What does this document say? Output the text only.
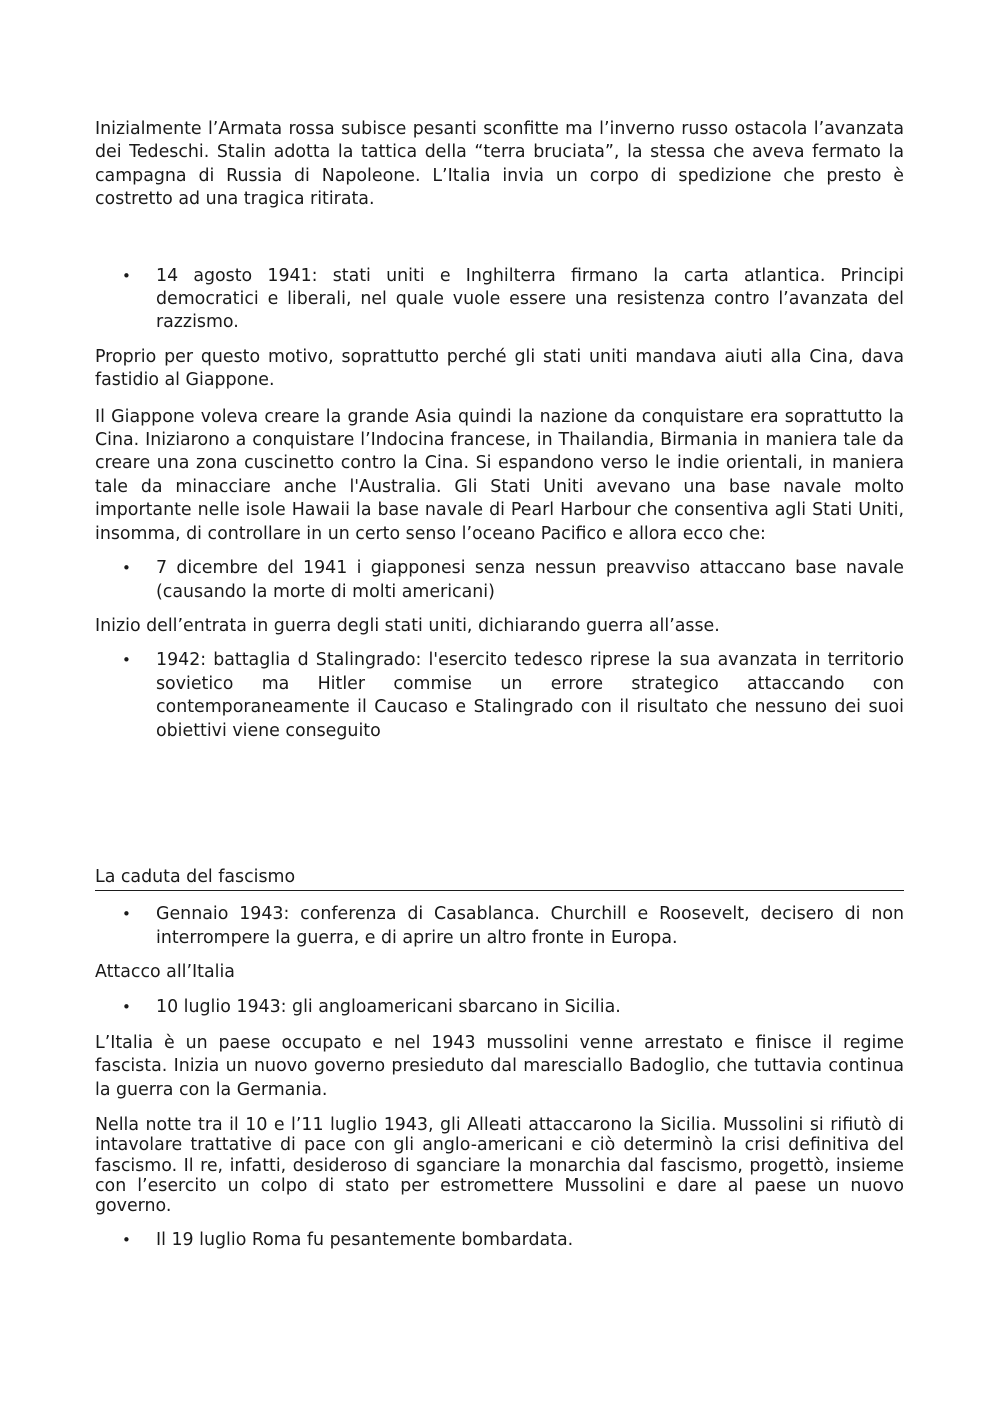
Inizialmente l’Armata rossa subisce pesanti sconfitte ma l’inverno russo ostacola l’avanzata dei Tedeschi. Stalin adotta la tattica della “terra bruciata”, la stessa che aveva fermato la campagna di Russia di Napoleone. L’Italia invia un corpo di spedizione che presto è costretto ad una tragica ritirata.

• 14 agosto 1941: stati uniti e Inghilterra firmano la carta atlantica. Principi democratici e liberali, nel quale vuole essere una resistenza contro l’avanzata del razzismo.

Proprio per questo motivo, soprattutto perché gli stati uniti mandava aiuti alla Cina, dava fastidio al Giappone.

Il Giappone voleva creare la grande Asia quindi la nazione da conquistare era soprattutto la Cina. Iniziarono a conquistare l’Indocina francese, in Thailandia, Birmania in maniera tale da creare una zona cuscinetto contro la Cina. Si espandono verso le indie orientali, in maniera tale da minacciare anche l'Australia. Gli Stati Uniti avevano una base navale molto importante nelle isole Hawaii la base navale di Pearl Harbour che consentiva agli Stati Uniti, insomma, di controllare in un certo senso l’oceano Pacifico e allora ecco che:

• 7 dicembre del 1941 i giapponesi senza nessun preavviso attaccano base navale (causando la morte di molti americani)

Inizio dell’entrata in guerra degli stati uniti, dichiarando guerra all’asse.

• 1942: battaglia d Stalingrado: l'esercito tedesco riprese la sua avanzata in territorio sovietico ma Hitler commise un errore strategico attaccando con contemporaneamente il Caucaso e Stalingrado con il risultato che nessuno dei suoi obiettivi viene conseguito
La caduta del fascismo
• Gennaio 1943: conferenza di Casablanca. Churchill e Roosevelt, decisero di non interrompere la guerra, e di aprire un altro fronte in Europa.

Attacco all’Italia

• 10 luglio 1943: gli angloamericani sbarcano in Sicilia.

L’Italia è un paese occupato e nel 1943 mussolini venne arrestato e finisce il regime fascista. Inizia un nuovo governo presieduto dal maresciallo Badoglio, che tuttavia continua la guerra con la Germania.

Nella notte tra il 10 e l’11 luglio 1943, gli Alleati attaccarono la Sicilia. Mussolini si rifiutò di intavolare trattative di pace con gli anglo-americani e ciò determinò la crisi definitiva del fascismo. Il re, infatti, desideroso di sganciare la monarchia dal fascismo, progettò, insieme con l’esercito un colpo di stato per estromettere Mussolini e dare al paese un nuovo governo.

• Il 19 luglio Roma fu pesantemente bombardata.
